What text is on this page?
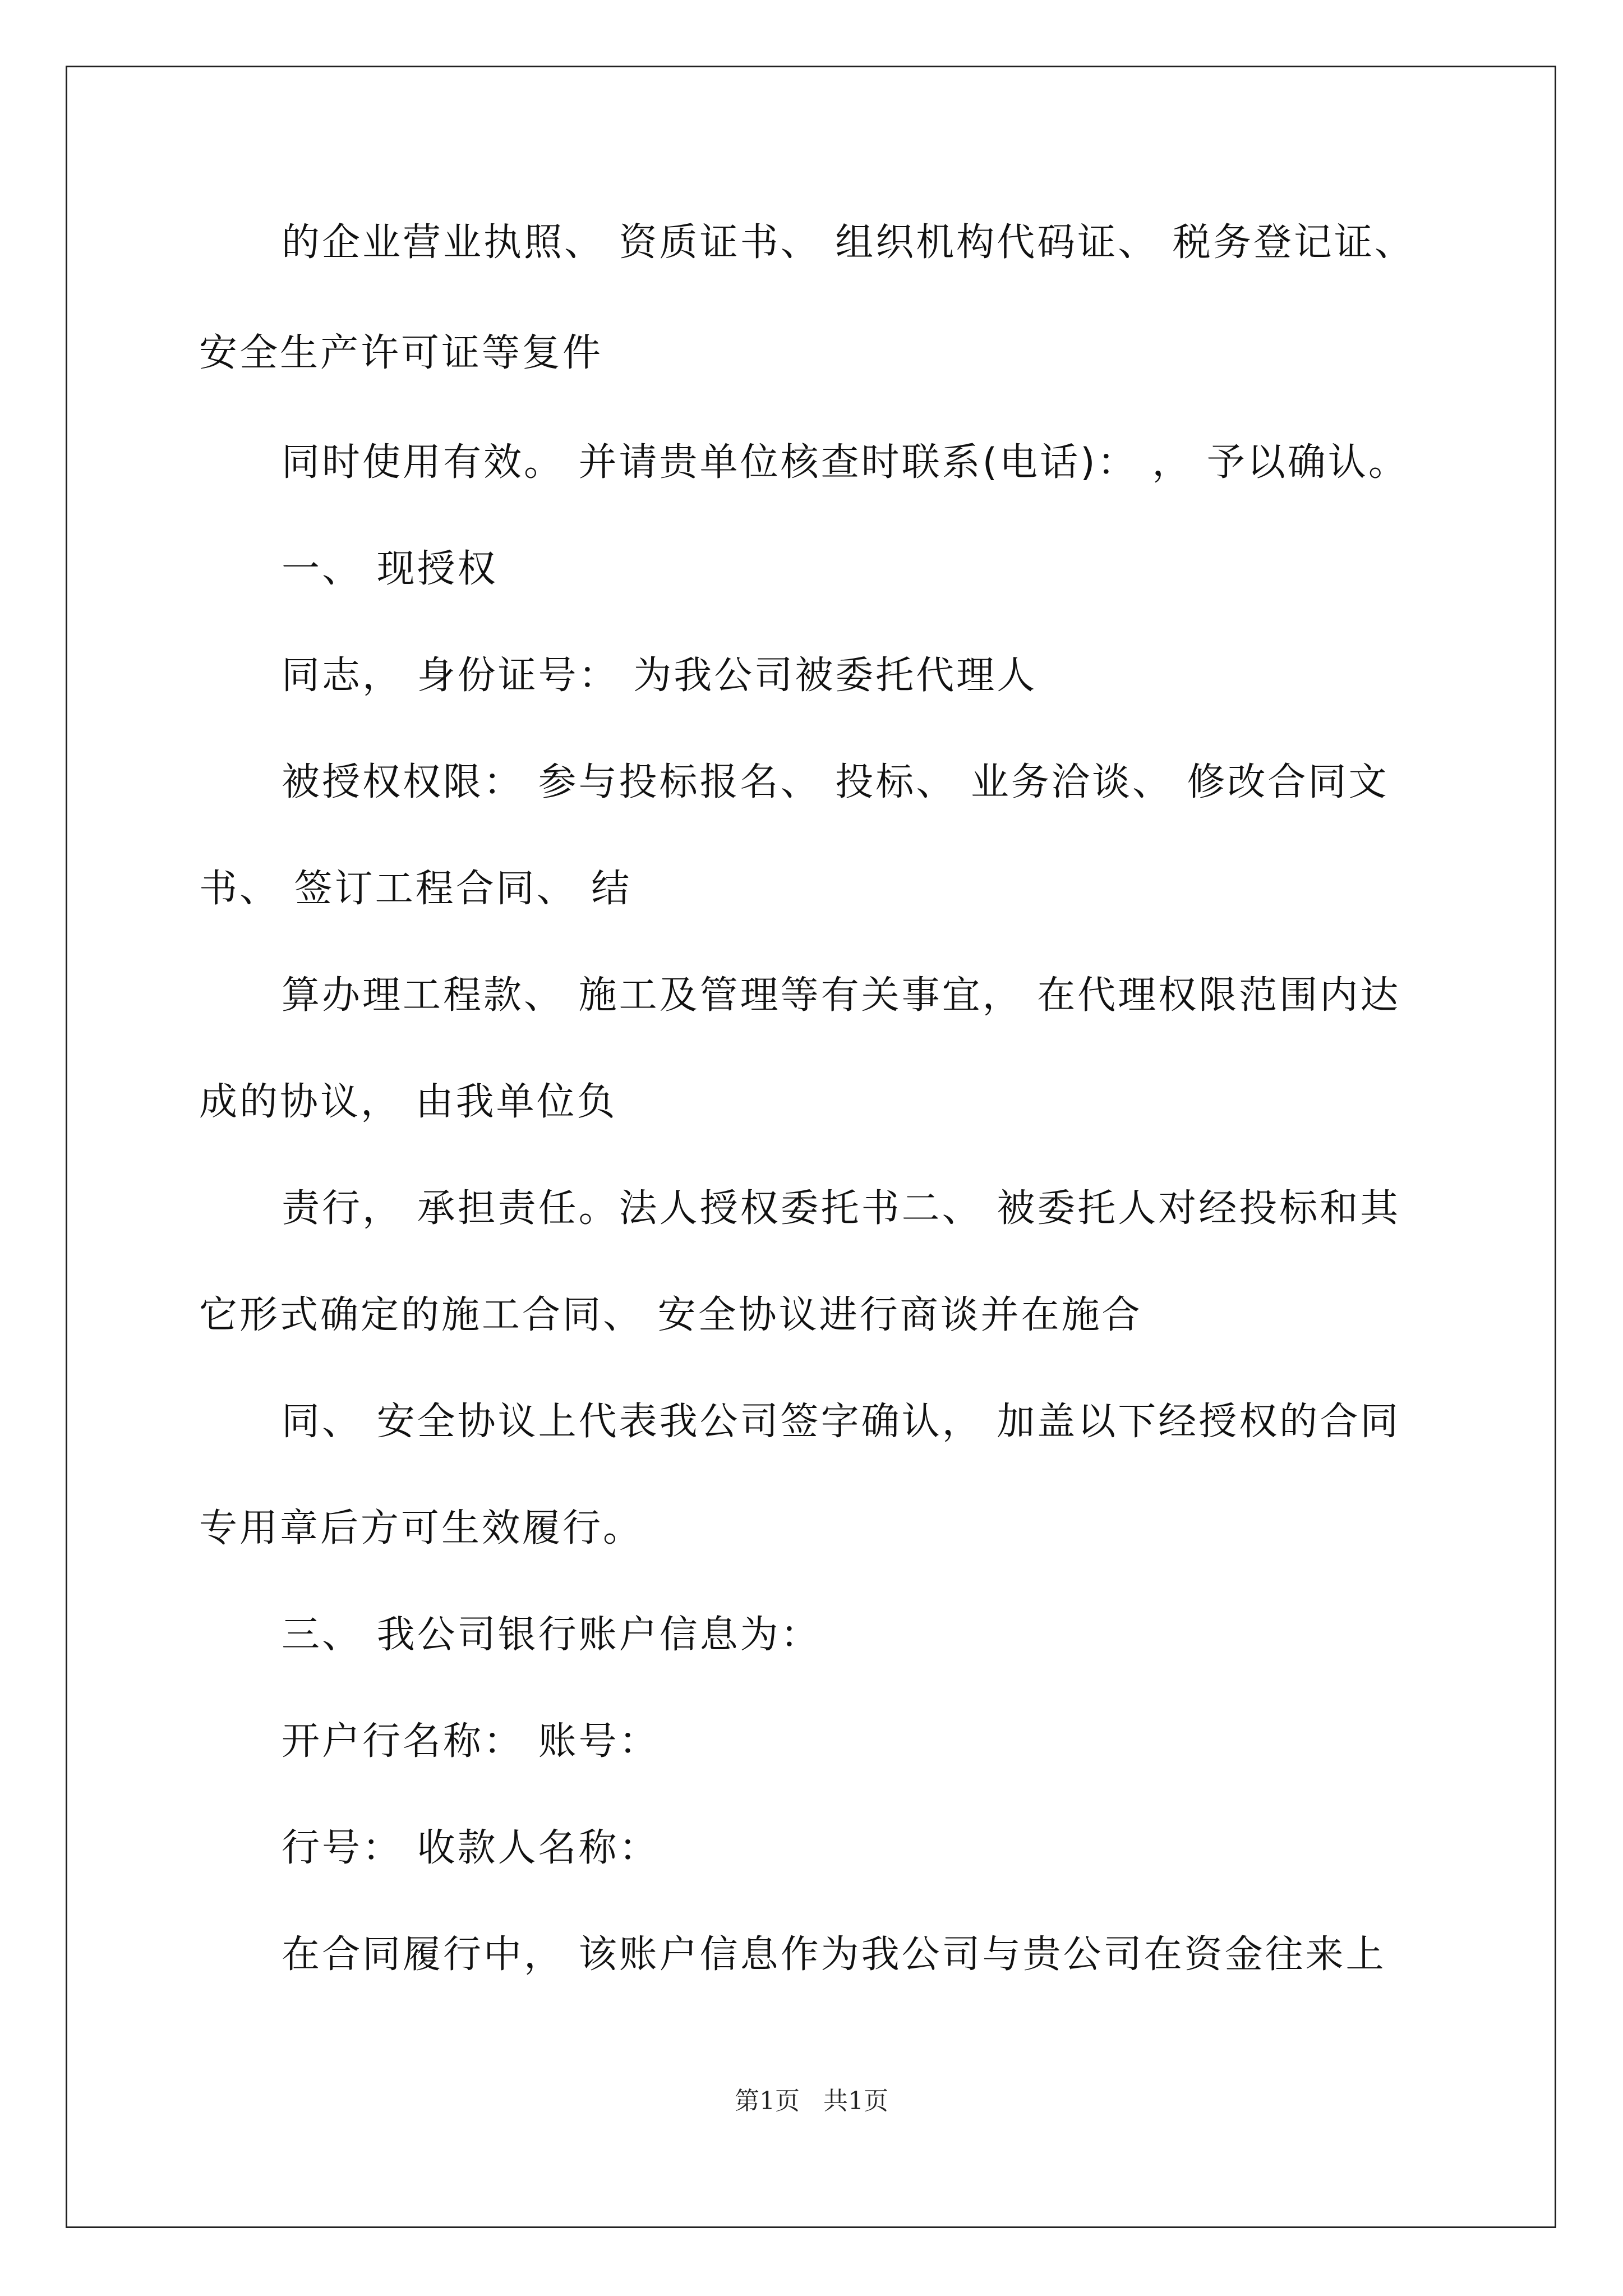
的企业营业执照、 资质证书、 组织机构代码证、 税务登记证、
安全生产许可证等复件
同时使用有效。 并请贵单位核查时联系(电话)： ， 予以确认。
一、 现授权
同志， 身份证号： 为我公司被委托代理人
被授权权限： 参与投标报名、 投标、 业务洽谈、 修改合同文
书、 签订工程合同、 结
算办理工程款、 施工及管理等有关事宜， 在代理权限范围内达
成的协议， 由我单位负
责行， 承担责任。法人授权委托书二、 被委托人对经投标和其
它形式确定的施工合同、 安全协议进行商谈并在施合
同、 安全协议上代表我公司签字确认， 加盖以下经授权的合同
专用章后方可生效履行。
三、 我公司银行账户信息为：
开户行名称： 账号：
行号： 收款人名称：
在合同履行中， 该账户信息作为我公司与贵公司在资金往来上
第1页   共1页
